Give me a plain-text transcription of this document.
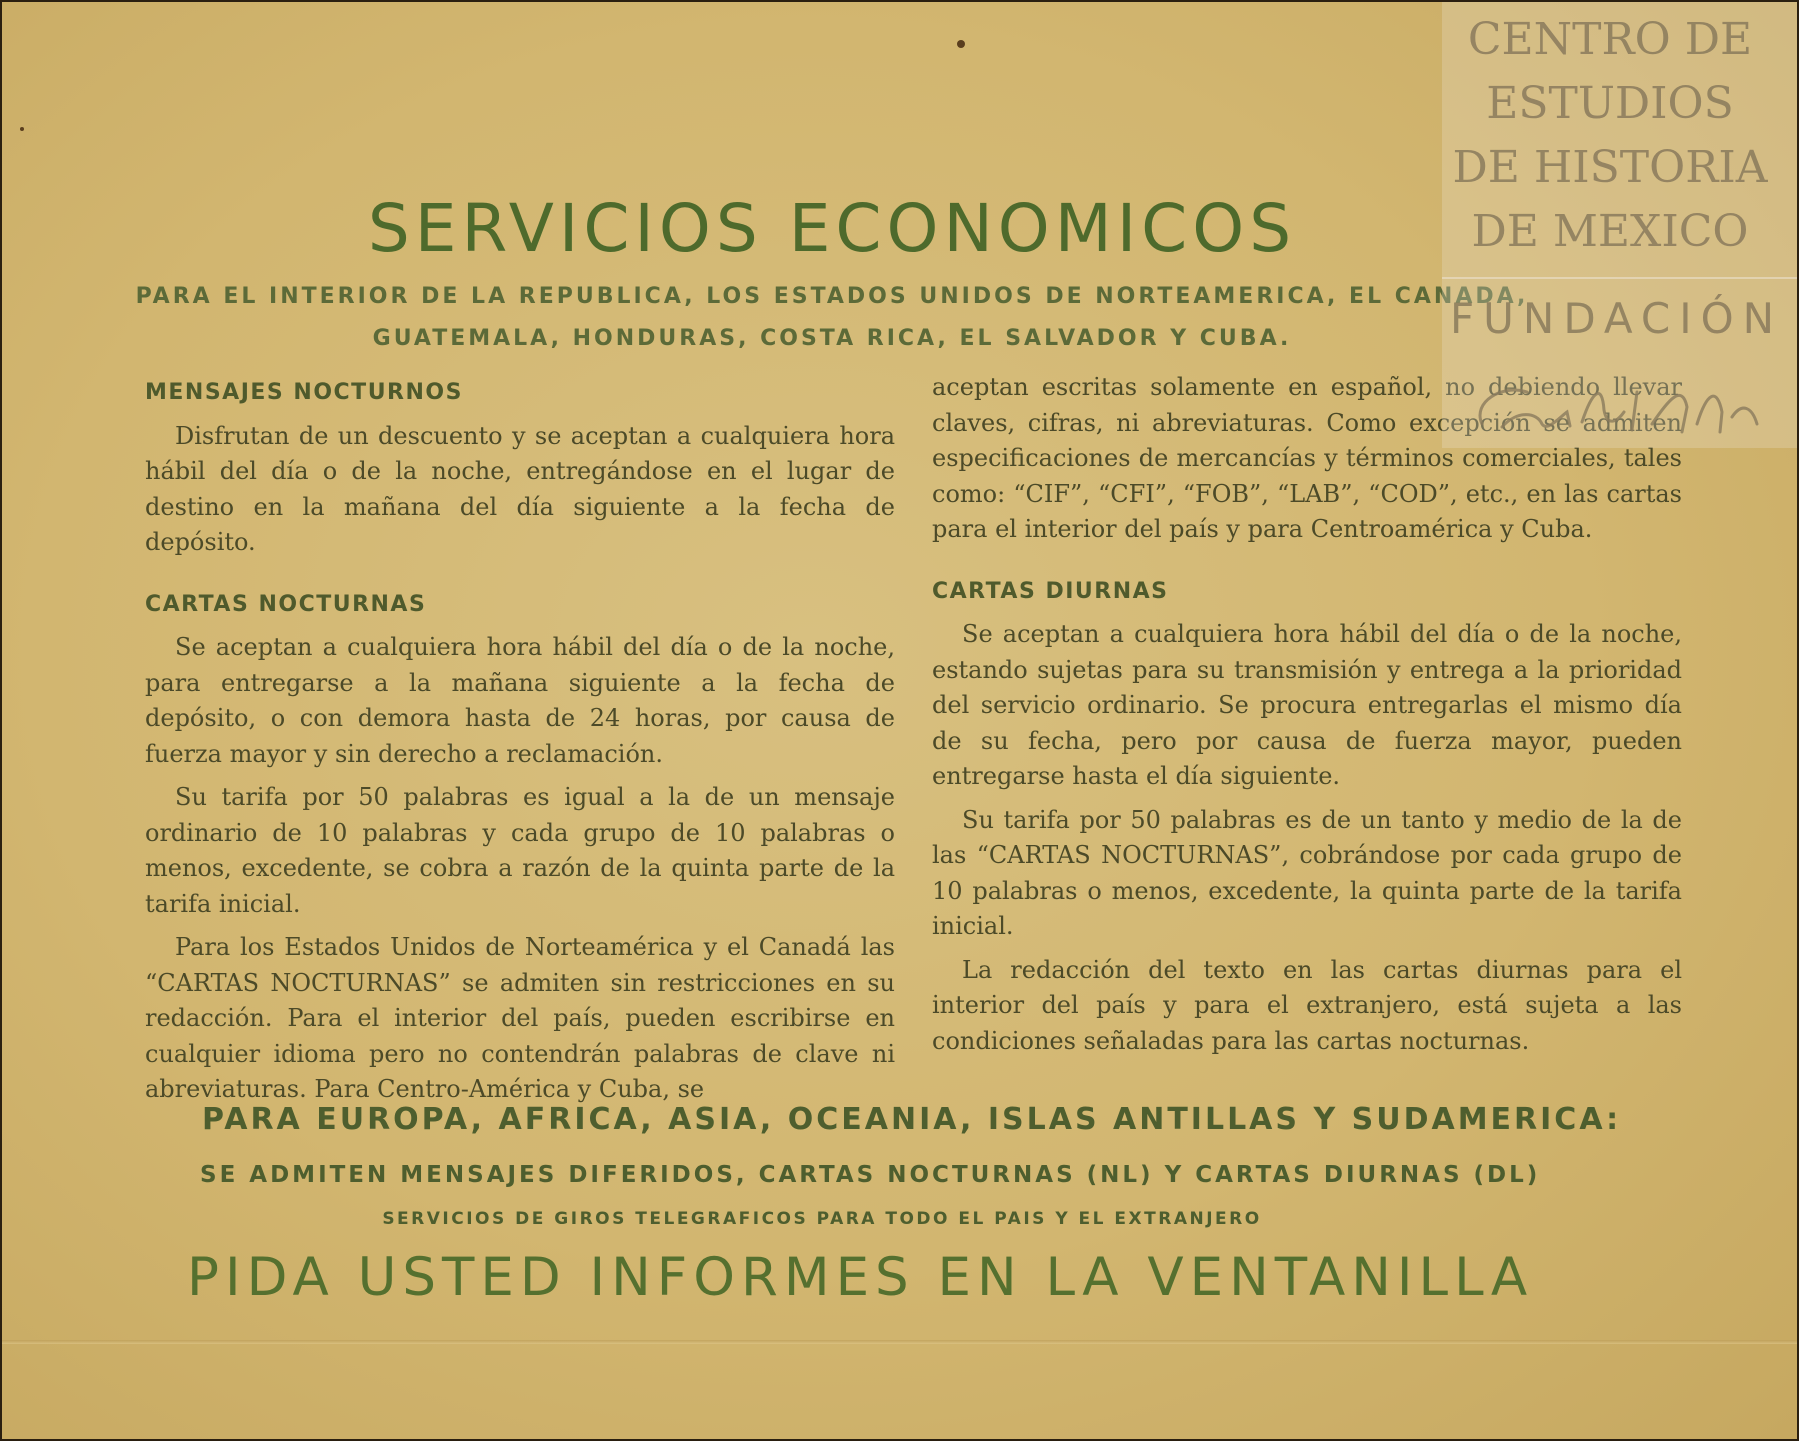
SERVICIOS ECONOMICOS
PARA EL INTERIOR DE LA REPUBLICA, LOS ESTADOS UNIDOS DE NORTEAMERICA, EL CANADA,
GUATEMALA, HONDURAS, COSTA RICA, EL SALVADOR Y CUBA.
MENSAJES NOCTURNOS

Disfrutan de un descuento y se aceptan a cualquiera hora hábil del día o de la noche, entregándose en el lugar de destino en la mañana del día siguiente a la fecha de depósito.

CARTAS NOCTURNAS

Se aceptan a cualquiera hora hábil del día o de la noche, para entregarse a la mañana siguiente a la fecha de depósito, o con demora hasta de 24 horas, por causa de fuerza mayor y sin derecho a reclamación.

Su tarifa por 50 palabras es igual a la de un mensaje ordinario de 10 palabras y cada grupo de 10 palabras o menos, excedente, se cobra a razón de la quinta parte de la tarifa inicial.

Para los Estados Unidos de Norteamérica y el Canadá las “CARTAS NOCTURNAS” se admiten sin restricciones en su redacción. Para el interior del país, pueden escribirse en cualquier idioma pero no contendrán palabras de clave ni abreviaturas. Para Centro-América y Cuba, se

aceptan escritas solamente en español, no debiendo llevar claves, cifras, ni abreviaturas. Como excepción se admiten especificaciones de mercancías y términos comerciales, tales como: “CIF”, “CFI”, “FOB”, “LAB”, “COD”, etc., en las cartas para el interior del país y para Centroamérica y Cuba.

CARTAS DIURNAS

Se aceptan a cualquiera hora hábil del día o de la noche, estando sujetas para su transmisión y entrega a la prioridad del servicio ordinario. Se procura entregarlas el mismo día de su fecha, pero por causa de fuerza mayor, pueden entregarse hasta el día siguiente.

Su tarifa por 50 palabras es de un tanto y medio de la de las “CARTAS NOCTURNAS”, cobrándose por cada grupo de 10 palabras o menos, excedente, la quinta parte de la tarifa inicial.

La redacción del texto en las cartas diurnas para el interior del país y para el extranjero, está sujeta a las condiciones señaladas para las cartas nocturnas.

PARA EUROPA, AFRICA, ASIA, OCEANIA, ISLAS ANTILLAS Y SUDAMERICA:
SE ADMITEN MENSAJES DIFERIDOS, CARTAS NOCTURNAS (NL) Y CARTAS DIURNAS (DL)
SERVICIOS DE GIROS TELEGRAFICOS PARA TODO EL PAIS Y EL EXTRANJERO
PIDA USTED INFORMES EN LA VENTANILLA
CENTRO DE
ESTUDIOS
DE HISTORIA
DE MEXICO
FUNDACIÓN
